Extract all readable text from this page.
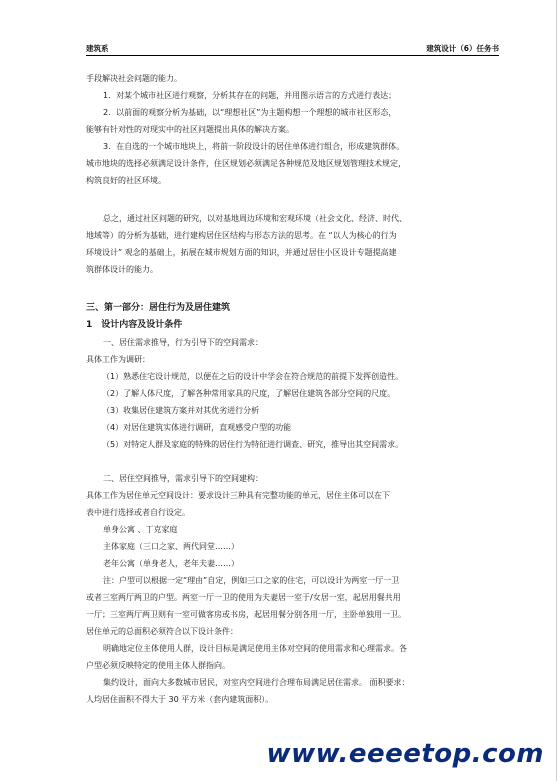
建筑系	建筑设计（6）任务书

手段解决社会问题的能力。

1．对某个城市社区进行观察，分析其存在的问题，并用图示语言的方式进行表达；

2．以前面的观察分析为基础，以“理想社区”为主题构想一个理想的城市社区形态，

能够有针对性的对现实中的社区问题提出具体的解决方案。

3．在自选的一个城市地块上，将前一阶段设计的居住单体进行组合，形成建筑群体。

城市地块的选择必须满足设计条件，住区规划必须满足各种规范及地区规划管理技术规定，

构筑良好的社区环境。

总之，通过社区问题的研究，以对基地周边环境和宏观环境（社会文化、经济、时代、

地域等）的分析为基础，进行建构居住区结构与形态方法的思考。在 “以人为核心的行为

环境设计” 观念的基础上，拓展在城市规划方面的知识，并通过居住小区设计专题提高建

筑群体设计的能力。

三、第一部分：居住行为及居住建筑

1　设计内容及设计条件

一、居住需求推导，行为引导下的空间需求：

具体工作为调研：

（1）熟悉住宅设计规范，以便在之后的设计中学会在符合规范的前提下发挥创造性。

（2）了解人体尺度，了解各种常用家具的尺度，了解居住建筑各部分空间的尺度。

（3）收集居住建筑方案并对其优劣进行分析

（4）对居住建筑实体进行调研，直观感受户型的功能

（5）对特定人群及家庭的特殊的居住行为特征进行调查、研究，推导出其空间需求。

二、居住空间推导，需求引导下的空间建构：

具体工作为居住单元空间设计：要求设计三种具有完整功能的单元，居住主体可以在下

表中进行选择或者自行设定。

单身公寓 、丁克家庭

主体家庭（三口之家、两代同堂……）

老年公寓（单身老人，老年夫妻……）

注：户型可以根据一定“理由”自定，例如三口之家的住宅，可以设计为两室一厅一卫

或者三室两厅两卫的户型。两室一厅一卫的使用为夫妻居一室于/女居一室，起居用餐共用

一厅；三室两厅两卫则有一室可做客房或书房，起居用餐分别各用一厅，主卧单独用一卫。

居住单元的总面积必须符合以下设计条件：

明确地定位主体使用人群，设计目标是满足使用主体对空间的使用需求和心理需求。各

户型必须反映特定的使用主体人群指向。

集约设计，面向大多数城市居民，对室内空间进行合理布局满足居住需求。 面积要求：

人均居住面积不得大于 30 平方米（套内建筑面积）。

www.eeeetop.com
